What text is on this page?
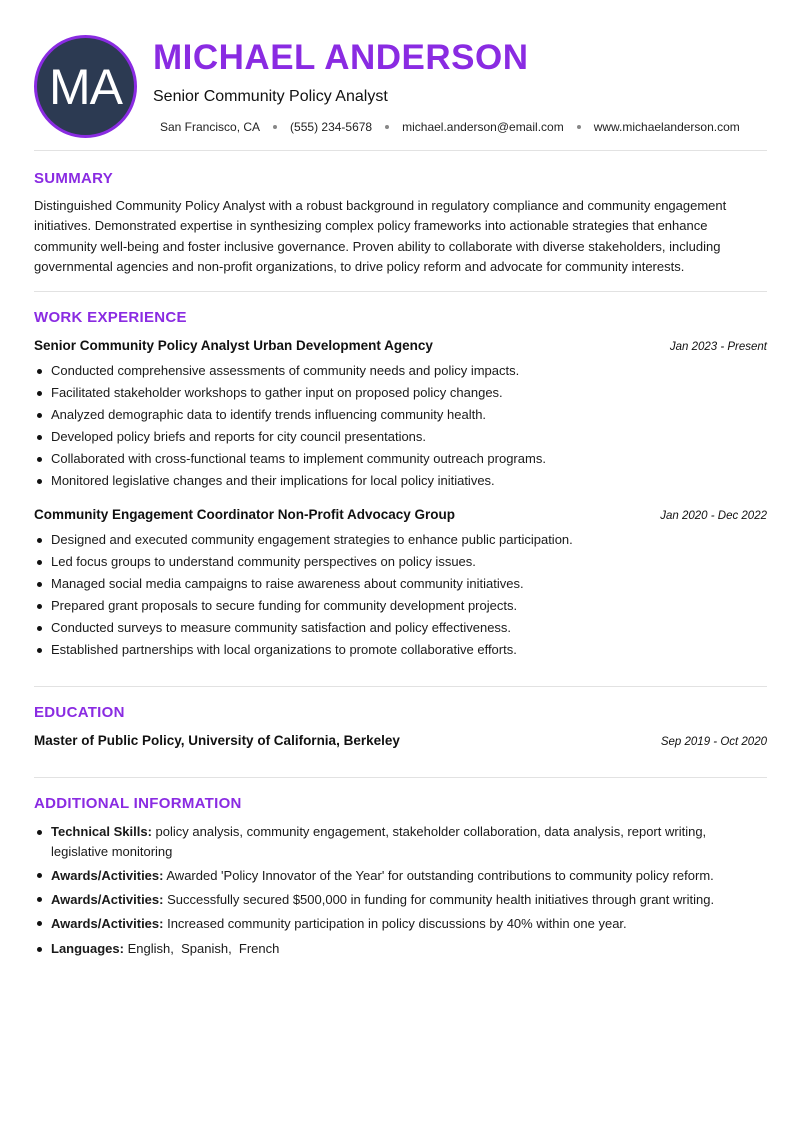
MA
MICHAEL ANDERSON
Senior Community Policy Analyst
San Francisco, CA	(555) 234-5678	michael.anderson@email.com	www.michaelanderson.com
SUMMARY

Distinguished Community Policy Analyst with a robust background in regulatory compliance and community engagement initiatives. Demonstrated expertise in synthesizing complex policy frameworks into actionable strategies that enhance community well-being and foster inclusive governance. Proven ability to collaborate with diverse stakeholders, including governmental agencies and non-profit organizations, to drive policy reform and advocate for community interests.

WORK EXPERIENCE
Senior Community Policy Analyst Urban Development Agency	Jan 2023 - Present
Conducted comprehensive assessments of community needs and policy impacts.
Facilitated stakeholder workshops to gather input on proposed policy changes.
Analyzed demographic data to identify trends influencing community health.
Developed policy briefs and reports for city council presentations.
Collaborated with cross-functional teams to implement community outreach programs.
Monitored legislative changes and their implications for local policy initiatives.
Community Engagement Coordinator Non-Profit Advocacy Group	Jan 2020 - Dec 2022
Designed and executed community engagement strategies to enhance public participation.
Led focus groups to understand community perspectives on policy issues.
Managed social media campaigns to raise awareness about community initiatives.
Prepared grant proposals to secure funding for community development projects.
Conducted surveys to measure community satisfaction and policy effectiveness.
Established partnerships with local organizations to promote collaborative efforts.
EDUCATION
Master of Public Policy, University of California, Berkeley	Sep 2019 - Oct 2020
ADDITIONAL INFORMATION
Technical Skills: policy analysis, community engagement, stakeholder collaboration, data analysis, report writing, legislative monitoring
Awards/Activities: Awarded 'Policy Innovator of the Year' for outstanding contributions to community policy reform.
Awards/Activities: Successfully secured $500,000 in funding for community health initiatives through grant writing.
Awards/Activities: Increased community participation in policy discussions by 40% within one year.
Languages: English,  Spanish,  French
